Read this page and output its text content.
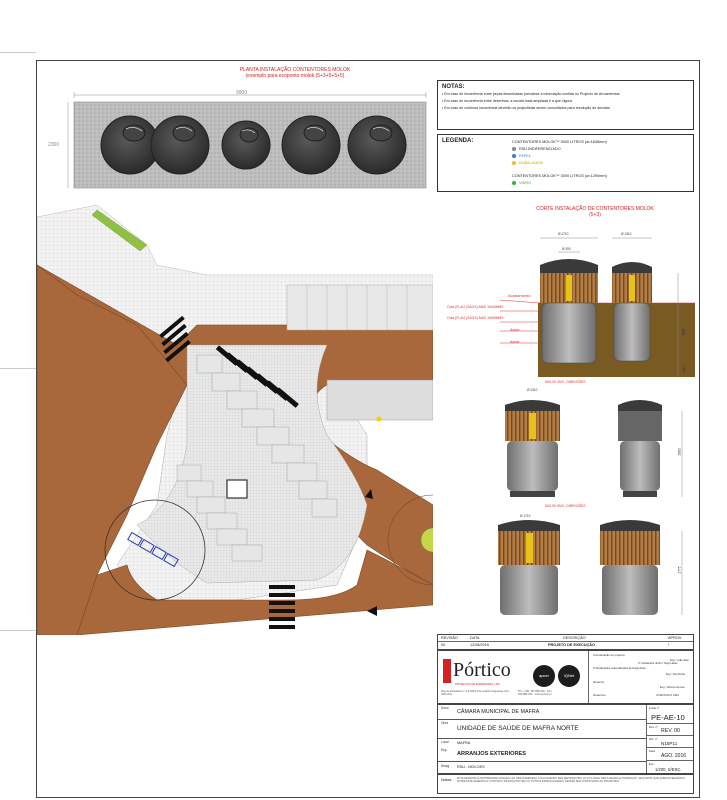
PLANTA INSTALAÇÃO CONTENTORES MOLOK
(exemplo para ecoponto molok (5+3+5+5+5)
9900
2300
NOTAS:
• Em caso de incoerência entre peças desenhadas prevalece a informação contida no Projecto de Arruamentos.
• Em caso de incoerência entre desenhos, a escala mais ampliada é a que vigora.
• Em caso de contínua incoerência deverão os projectistas serem consultados para resolução de dúvidas.
LEGENDA:	CONTENTORES MOLOK™ 5000 LITROS (ø=1635mm)
RSU INDIFERENCIADO
PAPEL
EMBALAGEM
CONTENTORES MOLOK™ 3000 LITROS (ø=1290mm)
VIDRO
CORTE INSTALAÇÃO DE CONTENTORES MOLOK
(5+3)
Ø 1710	Ø 1310
Ø 300
Acabamento
Cota (FLAG (SAGS)-MAS 1M40MMS
Cota (FLAG (SAGS)-MAS 1M90MMS
Areia
Areia
1600
300
MOLOK 3M3 - DIMENSÕES
Ø 1310
MOLOK 5M3 - DIMENSÕES
Ø 1710
2800
2775
REVISÃO	DATA	DESCRIÇÃO	APROV.
00	12/08/2016	PROJETO DE EXECUÇÃO	/
Pórtico
PROJECTOS DE ENGENHARIA, LDA.
Rua do Estudante nº 2 E 4615-541 Lordelo Felgueiras 213 - 4615-541
Tlm: +351 253 889 000 · Fax: 253 889 009 · www.portico.pt
apcer	IQNet
Coordenação do projecto:
Eng.º João Sala
3º Instalações de Enª Tiago Labas
3ª Realizações especializadas de Engenharia
Eng.º Rui Rocha
Desenho
Eng.º Alfonso Gomes
Desenhou	JOSÉ PAULO LIMA
Dono
CÂMARA MUNICIPAL DE MAFRA
Obra
UNIDADE DE SAÚDE DE MAFRA NORTE
Local MAFRA
Esp.
ARRANJOS EXTERIORES
Desig. RSU - MOLOKS
Folha nº
PE-AE-10
Rev. nº
REV. 00
Ref. nº
N16P11
Data
AGO. 2016
Esc.
1/200, S/ESC.
Notas ESTE DESENHO É PROPRIEDADE INTELECTUAL DESTA EMPRESA. NÃO PODENDO SER REPRODUZIDO OU UTILIZADO SEM A DEVIDA AUTORIZAÇÃO. SE EXISTIR QUALQUER DIVERGÊNCIA ENTRE ESTE DESENHO E O PROJETO DE ARQUITETURA OU OUTRAS ESPECIALIDADES, DEVERÁ SER COMUNICADO AO PROJETISTA.
